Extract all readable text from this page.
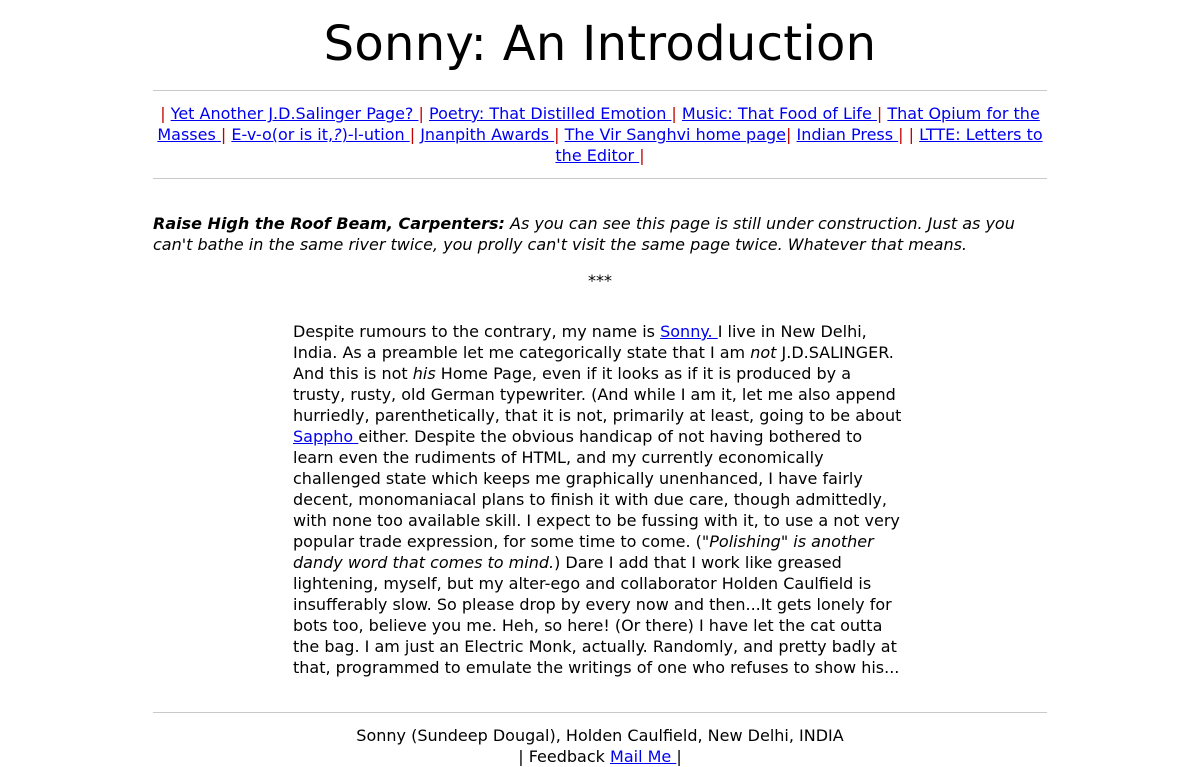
Sonny: An Introduction
| Yet Another J.D.Salinger Page? | Poetry: That Distilled Emotion | Music: That Food of Life | That Opium for the Masses | E-v-o(or is it,?)-l-ution | Jnanpith Awards | The Vir Sanghvi home page| Indian Press | | LTTE: Letters to the Editor |

Raise High the Roof Beam, Carpenters: As you can see this page is still under construction. Just as you can't bathe in the same river twice, you prolly can't visit the same page twice. Whatever that means.

***
Despite rumours to the contrary, my name is Sonny. I live in New Delhi, India. As a preamble let me categorically state that I am not J.D.SALINGER. And this is not his Home Page, even if it looks as if it is produced by a trusty, rusty, old German typewriter. (And while I am it, let me also append hurriedly, parenthetically, that it is not, primarily at least, going to be about Sappho either. Despite the obvious handicap of not having bothered to learn even the rudiments of HTML, and my currently economically challenged state which keeps me graphically unenhanced, I have fairly decent, monomaniacal plans to finish it with due care, though admittedly, with none too available skill. I expect to be fussing with it, to use a not very popular trade expression, for some time to come. ("Polishing" is another dandy word that comes to mind.) Dare I add that I work like greased lightening, myself, but my alter-ego and collaborator Holden Caulfield is insufferably slow. So please drop by every now and then...It gets lonely for bots too, believe you me. Heh, so here! (Or there) I have let the cat outta the bag. I am just an Electric Monk, actually. Randomly, and pretty badly at that, programmed to emulate the writings of one who refuses to show his...
Sonny (Sundeep Dougal), Holden Caulfield, New Delhi, INDIA
| Feedback Mail Me |
